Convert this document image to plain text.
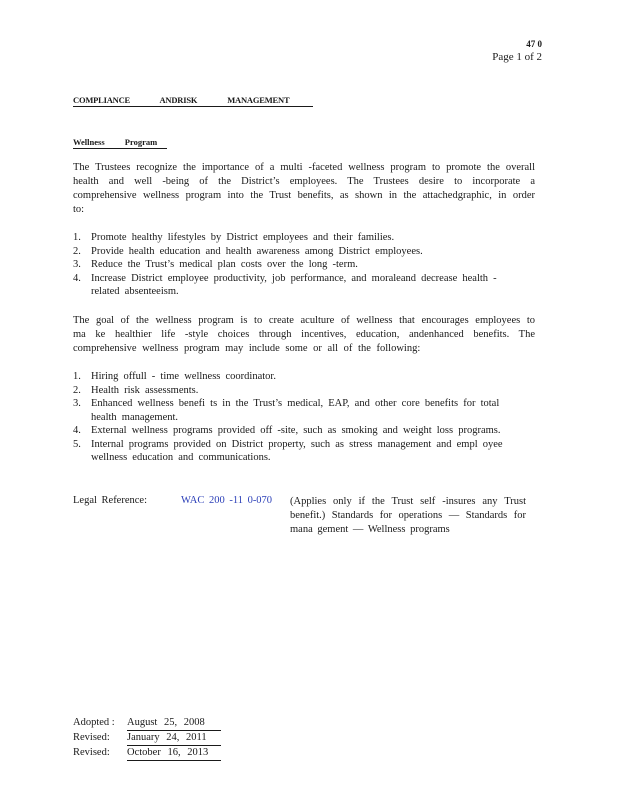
47 0
Page 1 of 2
COMPLIANCE ANDRISK MANAGEMENT
Wellness Program

The Trustees recognize the importance of a multi -faceted wellness program to promote the overall health and well -being of the District’s employees. The Trustees desire to incorporate a comprehensive wellness program into the Trust benefits, as shown in the attachedgraphic, in order to:

1. Promote healthy lifestyles by District employees and their families.
2. Provide health education and health awareness among District employees.
3. Reduce the Trust’s medical plan costs over the long -term.
4. Increase District employee productivity, job performance, and moraleand decrease health - related absenteeism.

The goal of the wellness program is to create aculture of wellness that encourages employees to ma ke healthier life -style choices through incentives, education, andenhanced benefits. The comprehensive wellness program may include some or all of the following:

1. Hiring offull - time wellness coordinator.
2. Health risk assessments.
3. Enhanced wellness benefi ts in the Trust’s medical, EAP, and other core benefits for total health management.
4. External wellness programs provided off -site, such as smoking and weight loss programs.
5. Internal programs provided on District property, such as stress management and empl oyee wellness education and communications.
Legal Reference:	WAC 200 -11 0-070 (Applies only if the Trust self -insures any Trust benefit.) Standards for operations — Standards for mana gement — Wellness programs

Adopted :	August 25, 2008
Revised:	January 24, 2011
Revised:	October 16, 2013
